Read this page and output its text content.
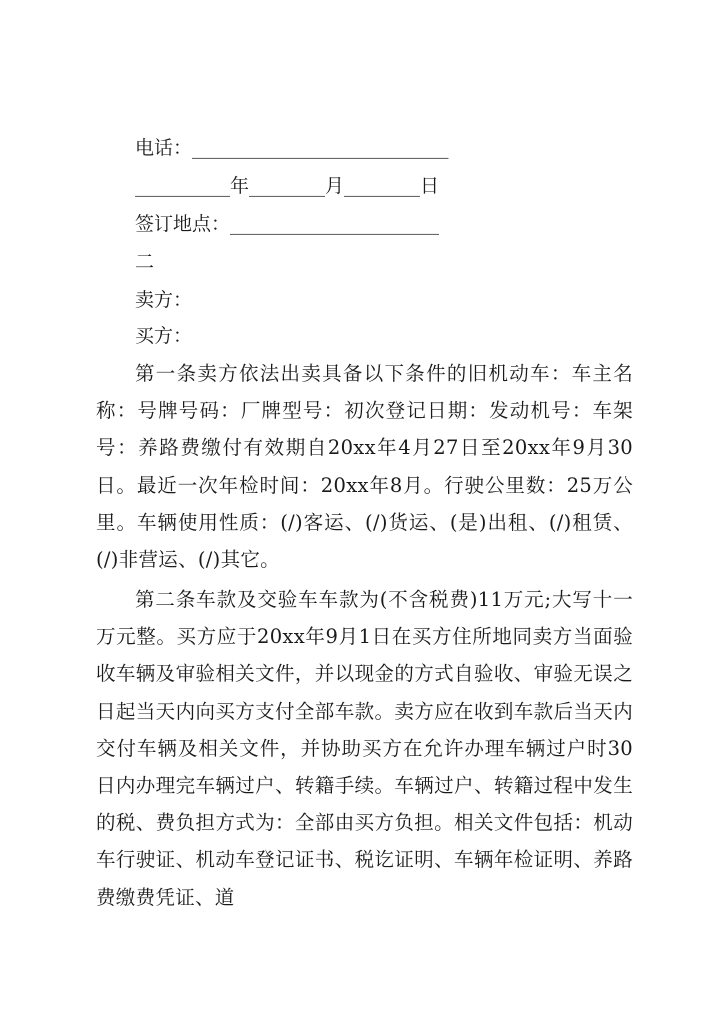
电话：___________________________
__________年________月________日
签订地点：______________________
二
卖方：
买方：

第一条卖方依法出卖具备以下条件的旧机动车：车主名称：号牌号码：厂牌型号：初次登记日期：发动机号：车架号：养路费缴付有效期自20xx年4月27日至20xx年9月30日。最近一次年检时间：20xx年8月。行驶公里数：25万公里。车辆使用性质：(/)客运、(/)货运、(是)出租、(/)租赁、(/)非营运、(/)其它。

第二条车款及交验车车款为(不含税费)11万元;大写十一万元整。买方应于20xx年9月1日在买方住所地同卖方当面验收车辆及审验相关文件，并以现金的方式自验收、审验无误之日起当天内向买方支付全部车款。卖方应在收到车款后当天内交付车辆及相关文件，并协助买方在允许办理车辆过户时30日内办理完车辆过户、转籍手续。车辆过户、转籍过程中发生的税、费负担方式为：全部由买方负担。相关文件包括：机动车行驶证、机动车登记证书、税讫证明、车辆年检证明、养路费缴费凭证、道
